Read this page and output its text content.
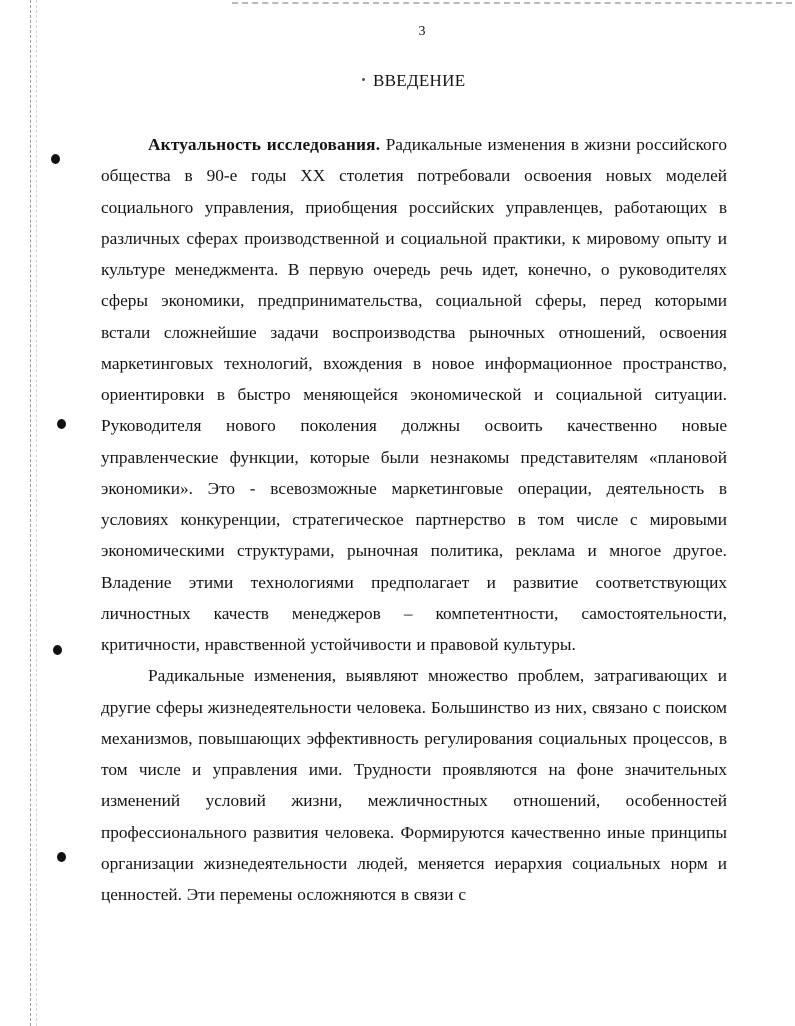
3
ВВЕДЕНИЕ

Актуальность исследования. Радикальные изменения в жизни российского общества в 90-е годы XX столетия потребовали освоения новых моделей социального управления, приобщения российских управленцев, работающих в различных сферах производственной и социальной практики, к мировому опыту и культуре менеджмента. В первую очередь речь идет, конечно, о руководителях сферы экономики, предпринимательства, социальной сферы, перед которыми встали сложнейшие задачи воспроизводства рыночных отношений, освоения маркетинговых технологий, вхождения в новое информационное пространство, ориентировки в быстро меняющейся экономической и социальной ситуации. Руководителя нового поколения должны освоить качественно новые управленческие функции, которые были незнакомы представителям «плановой экономики». Это - всевозможные маркетинговые операции, деятельность в условиях конкуренции, стратегическое партнерство в том числе с мировыми экономическими структурами, рыночная политика, реклама и многое другое. Владение этими технологиями предполагает и развитие соответствующих личностных качеств менеджеров – компетентности, самостоятельности, критичности, нравственной устойчивости и правовой культуры.

Радикальные изменения, выявляют множество проблем, затрагивающих и другие сферы жизнедеятельности человека. Большинство из них, связано с поиском механизмов, повышающих эффективность регулирования социальных процессов, в том числе и управления ими. Трудности проявляются на фоне значительных изменений условий жизни, межличностных отношений, особенностей профессионального развития человека. Формируются качественно иные принципы организации жизнедеятельности людей, меняется иерархия социальных норм и ценностей. Эти перемены осложняются в связи с
